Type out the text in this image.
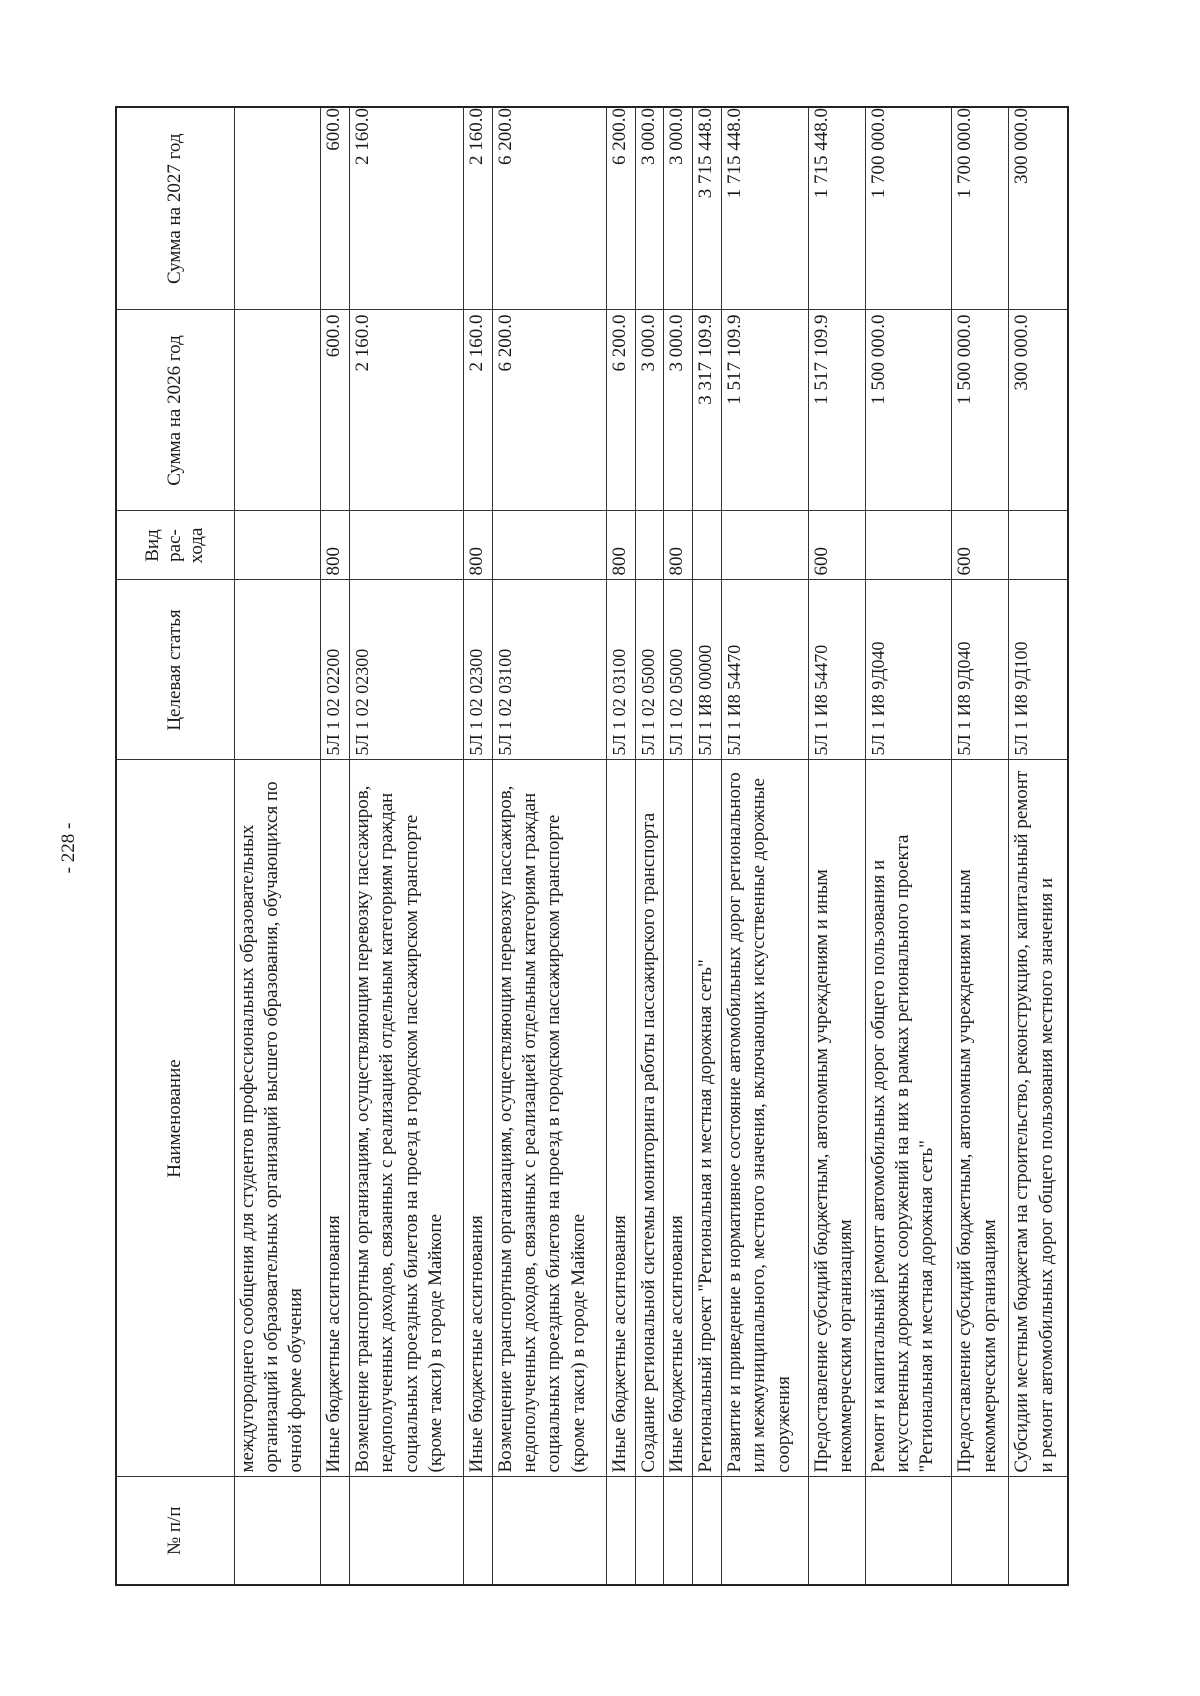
- 228 -
№ п/п	Наименование	Целевая статья	Вид рас- хода	Сумма на 2026 год	Сумма на 2027 год
	междугороднего сообщения для студентов профессиональных образовательных организаций и образовательных организаций высшего образования, обучающихся по очной форме обучения				
	Иные бюджетные ассигнования	5Л 1 02 02200	800	600.0	600.0
	Возмещение транспортным организациям, осуществляющим перевозку пассажиров, недополученных доходов, связанных с реализацией отдельным категориям граждан социальных проездных билетов на проезд в городском пассажирском транспорте (кроме такси) в городе Майкопе	5Л 1 02 02300		2 160.0	2 160.0
	Иные бюджетные ассигнования	5Л 1 02 02300	800	2 160.0	2 160.0
	Возмещение транспортным организациям, осуществляющим перевозку пассажиров, недополученных доходов, связанных с реализацией отдельным категориям граждан социальных проездных билетов на проезд в городском пассажирском транспорте (кроме такси) в городе Майкопе	5Л 1 02 03100		6 200.0	6 200.0
	Иные бюджетные ассигнования	5Л 1 02 03100	800	6 200.0	6 200.0
	Создание региональной системы мониторинга работы пассажирского транспорта	5Л 1 02 05000		3 000.0	3 000.0
	Иные бюджетные ассигнования	5Л 1 02 05000	800	3 000.0	3 000.0
	Региональный проект "Региональная и местная дорожная сеть"	5Л 1 И8 00000		3 317 109.9	3 715 448.0
	Развитие и приведение в нормативное состояние автомобильных дорог регионального или межмуниципального, местного значения, включающих искусственные дорожные сооружения	5Л 1 И8 54470		1 517 109.9	1 715 448.0
	Предоставление субсидий бюджетным, автономным учреждениям и иным некоммерческим организациям	5Л 1 И8 54470	600	1 517 109.9	1 715 448.0
	Ремонт и капитальный ремонт автомобильных дорог общего пользования и искусственных дорожных сооружений на них в рамках регионального проекта "Региональная и местная дорожная сеть"	5Л 1 И8 9Д040		1 500 000.0	1 700 000.0
	Предоставление субсидий бюджетным, автономным учреждениям и иным некоммерческим организациям	5Л 1 И8 9Д040	600	1 500 000.0	1 700 000.0
	Субсидии местным бюджетам на строительство, реконструкцию, капитальный ремонт и ремонт автомобильных дорог общего пользования местного значения и	5Л 1 И8 9Д100		300 000.0	300 000.0
